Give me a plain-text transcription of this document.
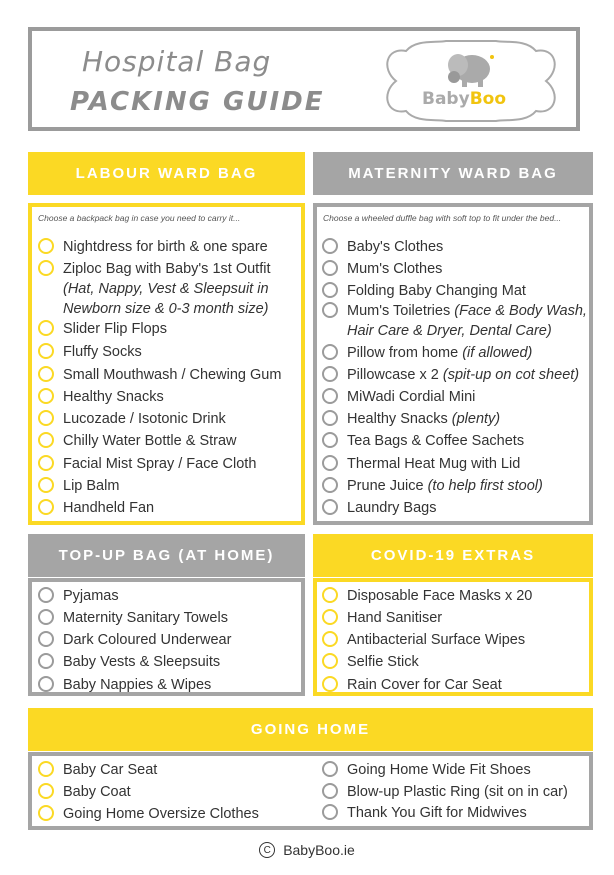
Hospital Bag
PACKING GUIDE	BabyBoo
LABOUR WARD BAG
Choose a backpack bag in case you need to carry it...
Nightdress for birth & one spare
Ziploc Bag with Baby's 1st Outfit
(Hat, Nappy, Vest & Sleepsuit in
Newborn size & 0-3 month size)
Slider Flip Flops
Fluffy Socks
Small Mouthwash / Chewing Gum
Healthy Snacks
Lucozade / Isotonic Drink
Chilly Water Bottle & Straw
Facial Mist Spray / Face Cloth
Lip Balm
Handheld Fan
MATERNITY WARD BAG
Choose a wheeled duffle bag with soft top to fit under the bed...
Baby's Clothes
Mum's Clothes
Folding Baby Changing Mat
Mum's Toiletries (Face & Body Wash,
Hair Care & Dryer, Dental Care)
Pillow from home (if allowed)
Pillowcase x 2 (spit-up on cot sheet)
MiWadi Cordial Mini
Healthy Snacks (plenty)
Tea Bags & Coffee Sachets
Thermal Heat Mug with Lid
Prune Juice (to help first stool)
Laundry Bags
TOP-UP BAG (AT HOME)
Pyjamas
Maternity Sanitary Towels
Dark Coloured Underwear
Baby Vests & Sleepsuits
Baby Nappies & Wipes
COVID-19 EXTRAS
Disposable Face Masks x 20
Hand Sanitiser
Antibacterial Surface Wipes
Selfie Stick
Rain Cover for Car Seat
GOING HOME
Baby Car Seat
Baby Coat
Going Home Oversize Clothes
Going Home Wide Fit Shoes
Blow-up Plastic Ring (sit on in car)
Thank You Gift for Midwives
C BabyBoo.ie
